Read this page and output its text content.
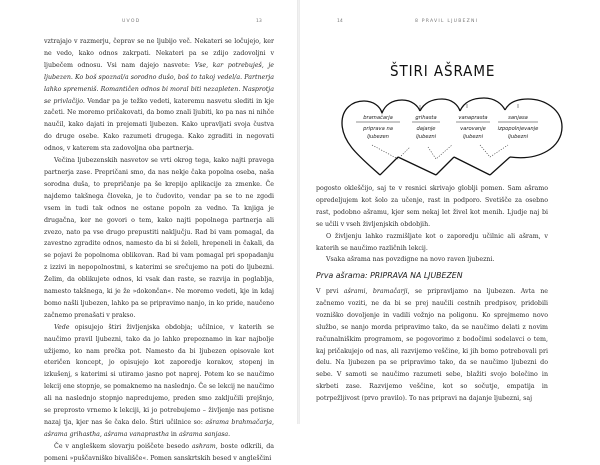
UVOD	13

vztrajajo v razmerju, čeprav se ne ljubijo več. Nekateri se ločujejo, ker ne vedo, kako odnos zakrpati. Nekateri pa se zdijo zadovoljni v ljubečem odnosu. Vsi nam dajejo nasvete: Vse, kar potrebuješ, je ljubezen. Ko boš spoznal/a sorodno dušo, boš to takoj vedel/a. Partnerja lahko spremeniš. Romantičen odnos bi moral biti nezapleten. Nasprotja se privlačijo. Vendar pa je težko vedeti, kateremu nasvetu slediti in kje začeti. Ne moremo pričakovati, da bomo znali ljubiti, ko pa nas ni nihče naučil, kako dajati in prejemati ljubezen. Kako upravljati svoja čustva do druge osebe. Kako razumeti drugega. Kako zgraditi in negovati odnos, v katerem sta zadovoljna oba partnerja.

Večina ljubezenskih nasvetov se vrti okrog tega, kako najti pravega partnerja zase. Prepričani smo, da nas nekje čaka popolna oseba, naša sorodna duša, to prepričanje pa še krepijo aplikacije za zmenke. Če najdemo takšnega človeka, je to čudovito, vendar pa se to ne zgodi vsem in tudi tak odnos ne ostane popoln za vedno. Ta knjiga je drugačna, ker ne govori o tem, kako najti popolnega partnerja ali zvezo, nato pa vse drugo prepustiti naključju. Rad bi vam pomagal, da zavestno zgradite odnos, namesto da bi si želeli, hrepeneli in čakali, da se pojavi že popolnoma oblikovan. Rad bi vam pomagal pri spopadanju z izzivi in nepopolnostmi, s katerimi se srečujemo na poti do ljubezni. Želim, da oblikujete odnos, ki vsak dan raste, se razvija in poglablja, namesto takšnega, ki je že »dokončan«. Ne moremo vedeti, kje in kdaj bomo našli ljubezen, lahko pa se pripravimo nanjo, in ko pride, naučeno začnemo prenašati v prakso.

Vede opisujejo štiri življenjska obdobja; učilnice, v katerih se naučimo pravil ljubezni, tako da jo lahko prepoznamo in kar najbolje užijemo, ko nam prečka pot. Namesto da bi ljubezen opisovale kot eteričen koncept, jo opisujejo kot zaporedje korakov, stopenj in izkušenj, s katerimi si utiramo jasno pot naprej. Potem ko se naučimo lekcij ene stopnje, se pomaknemo na naslednjo. Če se lekcij ne naučimo ali na naslednjo stopnjo napredujemo, preden smo zaključili prejšnjo, se preprosto vrnemo k lekciji, ki jo potrebujemo – življenje nas potisne nazaj tja, kjer nas še čaka delo. Štiri učilnice so: ašrama brahmačarja, ašrama grihastha, ašrama vanaprastha in ašrama sanjasa.

Če v angleškem slovarju poiščete besedo ashram, boste odkrili, da pomeni »puščavniško bivališče«. Pomen sanskrtskih besed v angleščini

14	8 PRAVIL LJUBEZNI
ŠTIRI AŠRAME
bramačarja
priprava na
ljubezen
grihasta
dajanje
ljubezni
vanaprasta
varovanje
ljubezni
sanjasa
izpopolnjevanje
ljubezni

pogosto okleščijo, saj te v resnici skrivajo globlji pomen. Sam ašramo opredeljujem kot šolo za učenje, rast in podporo. Svetišče za osebno rast, podobno ašramu, kjer sem nekaj let živel kot menih. Ljudje naj bi se učili v vseh življenjskih obdobjih.

O življenju lahko razmišljate kot o zaporedju učilnic ali ašram, v katerih se naučimo različnih lekcij.

Vsaka ašrama nas povzdigne na novo raven ljubezni.

Prva ašrama: PRIPRAVA NA LJUBEZEN

V prvi ašrami, bramačarji, se pripravljamo na ljubezen. Avta ne začnemo voziti, ne da bi se prej naučili cestnih predpisov, pridobili vozniško dovoljenje in vadili vožnjo na poligonu. Ko sprejmemo novo službo, se nanjo morda pripravimo tako, da se naučimo delati z novim računalniškim programom, se pogovorimo z bodočimi sodelavci o tem, kaj pričakujejo od nas, ali razvijemo veščine, ki jih bomo potrebovali pri delu. Na ljubezen pa se pripravimo tako, da se naučimo ljubezni do sebe. V samoti se naučimo razumeti sebe, blažiti svojo bolečino in skrbeti zase. Razvijemo veščine, kot so sočutje, empatija in potrpežljivost (prvo pravilo). To nas pripravi na dajanje ljubezni, saj
